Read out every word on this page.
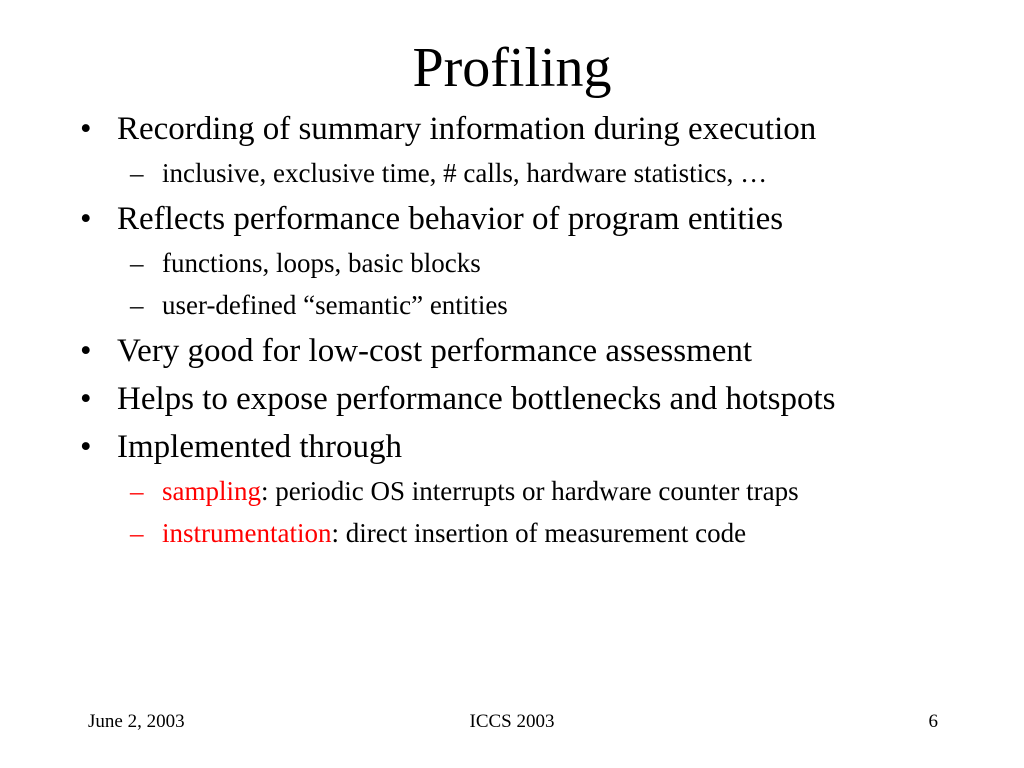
Profiling
• Recording of summary information during execution
– inclusive, exclusive time, # calls, hardware statistics, …
• Reflects performance behavior of program entities
– functions, loops, basic blocks
– user-defined “semantic” entities
• Very good for low-cost performance assessment
• Helps to expose performance bottlenecks and hotspots
• Implemented through
– sampling: periodic OS interrupts or hardware counter traps
– instrumentation: direct insertion of measurement code
June 2, 2003	ICCS 2003	6
